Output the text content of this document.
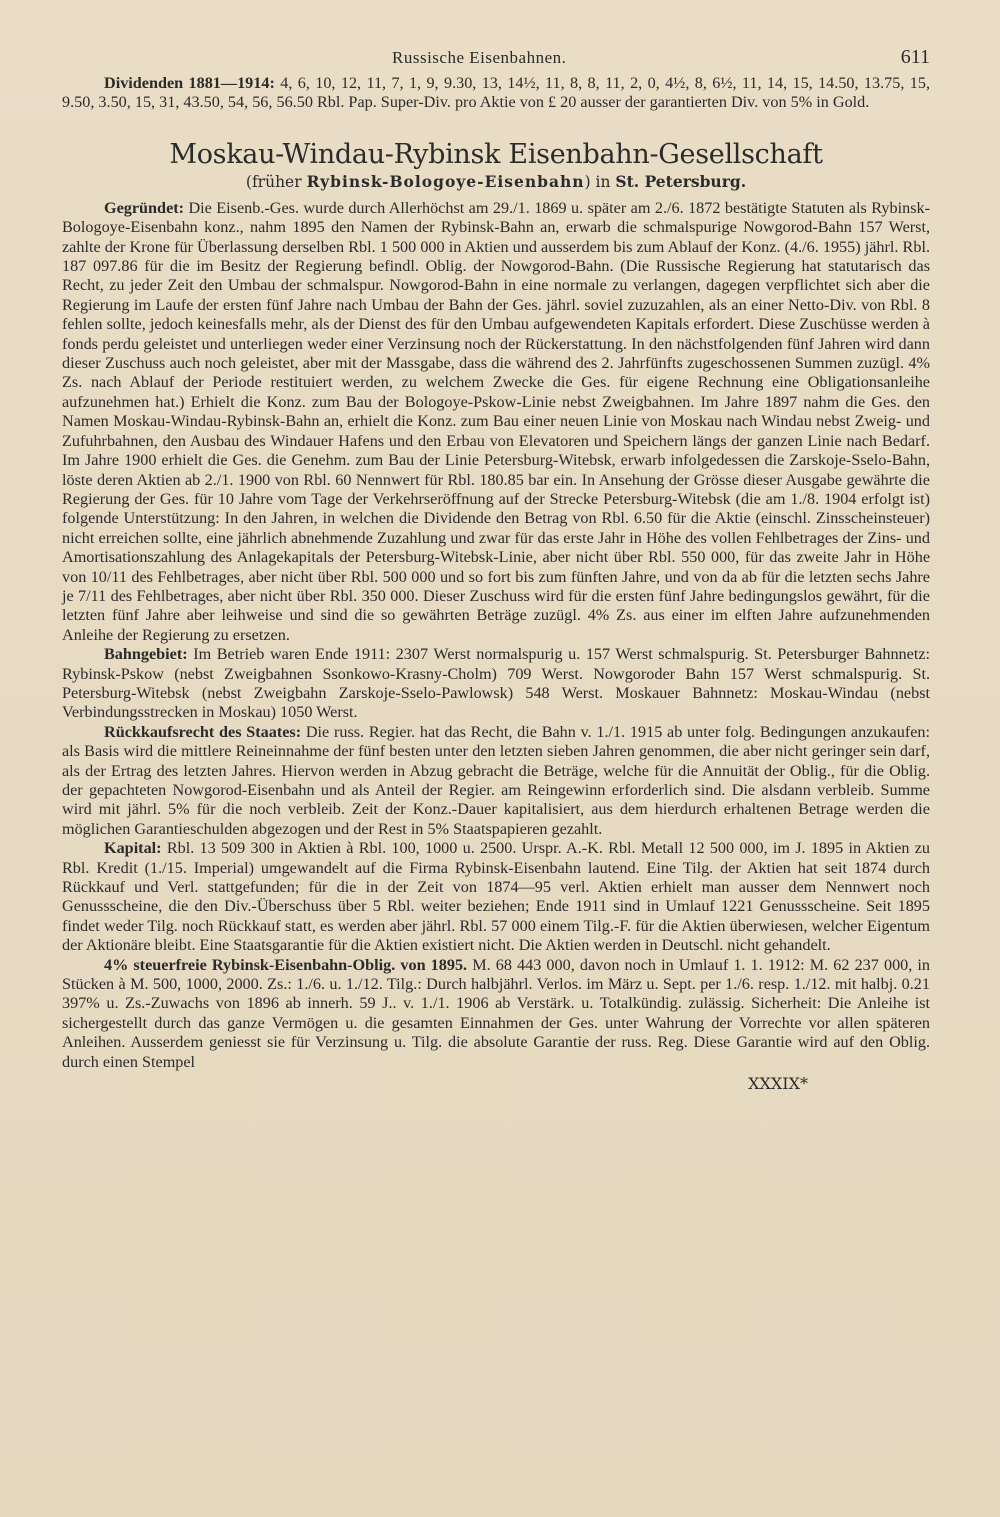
Russische Eisenbahnen.	611

Dividenden 1881—1914: 4, 6, 10, 12, 11, 7, 1, 9, 9.30, 13, 14½, 11, 8, 8, 11, 2, 0, 4½, 8, 6½, 11, 14, 15, 14.50, 13.75, 15, 9.50, 3.50, 15, 31, 43.50, 54, 56, 56.50 Rbl. Pap. Super-Div. pro Aktie von £ 20 ausser der garantierten Div. von 5% in Gold.

Moskau-Windau-Rybinsk Eisenbahn-Gesellschaft
(früher Rybinsk-Bologoye-Eisenbahn) in St. Petersburg.

Gegründet: Die Eisenb.-Ges. wurde durch Allerhöchst am 29./1. 1869 u. später am 2./6. 1872 bestätigte Statuten als Rybinsk-Bologoye-Eisenbahn konz., nahm 1895 den Namen der Rybinsk-Bahn an, erwarb die schmalspurige Nowgorod-Bahn 157 Werst, zahlte der Krone für Überlassung derselben Rbl. 1 500 000 in Aktien und ausserdem bis zum Ablauf der Konz. (4./6. 1955) jährl. Rbl. 187 097.86 für die im Besitz der Regierung befindl. Oblig. der Nowgorod-Bahn. (Die Russische Regierung hat statutarisch das Recht, zu jeder Zeit den Umbau der schmalspur. Nowgorod-Bahn in eine normale zu verlangen, dagegen verpflichtet sich aber die Regierung im Laufe der ersten fünf Jahre nach Umbau der Bahn der Ges. jährl. soviel zuzuzahlen, als an einer Netto-Div. von Rbl. 8 fehlen sollte, jedoch keinesfalls mehr, als der Dienst des für den Umbau aufgewendeten Kapitals erfordert. Diese Zuschüsse werden à fonds perdu geleistet und unterliegen weder einer Verzinsung noch der Rückerstattung. In den nächstfolgenden fünf Jahren wird dann dieser Zuschuss auch noch geleistet, aber mit der Massgabe, dass die während des 2. Jahrfünfts zugeschossenen Summen zuzügl. 4% Zs. nach Ablauf der Periode restituiert werden, zu welchem Zwecke die Ges. für eigene Rechnung eine Obligationsanleihe aufzunehmen hat.) Erhielt die Konz. zum Bau der Bologoye-Pskow-Linie nebst Zweigbahnen. Im Jahre 1897 nahm die Ges. den Namen Moskau-Windau-Rybinsk-Bahn an, erhielt die Konz. zum Bau einer neuen Linie von Moskau nach Windau nebst Zweig- und Zufuhrbahnen, den Ausbau des Windauer Hafens und den Erbau von Elevatoren und Speichern längs der ganzen Linie nach Bedarf. Im Jahre 1900 erhielt die Ges. die Genehm. zum Bau der Linie Petersburg-Witebsk, erwarb infolgedessen die Zarskoje-Sselo-Bahn, löste deren Aktien ab 2./1. 1900 von Rbl. 60 Nennwert für Rbl. 180.85 bar ein. In Ansehung der Grösse dieser Ausgabe gewährte die Regierung der Ges. für 10 Jahre vom Tage der Verkehrseröffnung auf der Strecke Petersburg-Witebsk (die am 1./8. 1904 erfolgt ist) folgende Unterstützung: In den Jahren, in welchen die Dividende den Betrag von Rbl. 6.50 für die Aktie (einschl. Zinsscheinsteuer) nicht erreichen sollte, eine jährlich abnehmende Zuzahlung und zwar für das erste Jahr in Höhe des vollen Fehlbetrages der Zins- und Amortisationszahlung des Anlagekapitals der Petersburg-Witebsk-Linie, aber nicht über Rbl. 550 000, für das zweite Jahr in Höhe von 10/11 des Fehlbetrages, aber nicht über Rbl. 500 000 und so fort bis zum fünften Jahre, und von da ab für die letzten sechs Jahre je 7/11 des Fehlbetrages, aber nicht über Rbl. 350 000. Dieser Zuschuss wird für die ersten fünf Jahre bedingungslos gewährt, für die letzten fünf Jahre aber leihweise und sind die so gewährten Beträge zuzügl. 4% Zs. aus einer im elften Jahre aufzunehmenden Anleihe der Regierung zu ersetzen.

Bahngebiet: Im Betrieb waren Ende 1911: 2307 Werst normalspurig u. 157 Werst schmalspurig. St. Petersburger Bahnnetz: Rybinsk-Pskow (nebst Zweigbahnen Ssonkowo-Krasny-Cholm) 709 Werst. Nowgoroder Bahn 157 Werst schmalspurig. St. Petersburg-Witebsk (nebst Zweigbahn Zarskoje-Sselo-Pawlowsk) 548 Werst. Moskauer Bahnnetz: Moskau-Windau (nebst Verbindungsstrecken in Moskau) 1050 Werst.

Rückkaufsrecht des Staates: Die russ. Regier. hat das Recht, die Bahn v. 1./1. 1915 ab unter folg. Bedingungen anzukaufen: als Basis wird die mittlere Reineinnahme der fünf besten unter den letzten sieben Jahren genommen, die aber nicht geringer sein darf, als der Ertrag des letzten Jahres. Hiervon werden in Abzug gebracht die Beträge, welche für die Annuität der Oblig., für die Oblig. der gepachteten Nowgorod-Eisenbahn und als Anteil der Regier. am Reingewinn erforderlich sind. Die alsdann verbleib. Summe wird mit jährl. 5% für die noch verbleib. Zeit der Konz.-Dauer kapitalisiert, aus dem hierdurch erhaltenen Betrage werden die möglichen Garantieschulden abgezogen und der Rest in 5% Staatspapieren gezahlt.

Kapital: Rbl. 13 509 300 in Aktien à Rbl. 100, 1000 u. 2500. Urspr. A.-K. Rbl. Metall 12 500 000, im J. 1895 in Aktien zu Rbl. Kredit (1./15. Imperial) umgewandelt auf die Firma Rybinsk-Eisenbahn lautend. Eine Tilg. der Aktien hat seit 1874 durch Rückkauf und Verl. stattgefunden; für die in der Zeit von 1874—95 verl. Aktien erhielt man ausser dem Nennwert noch Genussscheine, die den Div.-Überschuss über 5 Rbl. weiter beziehen; Ende 1911 sind in Umlauf 1221 Genussscheine. Seit 1895 findet weder Tilg. noch Rückkauf statt, es werden aber jährl. Rbl. 57 000 einem Tilg.-F. für die Aktien überwiesen, welcher Eigentum der Aktionäre bleibt. Eine Staatsgarantie für die Aktien existiert nicht. Die Aktien werden in Deutschl. nicht gehandelt.

4% steuerfreie Rybinsk-Eisenbahn-Oblig. von 1895. M. 68 443 000, davon noch in Umlauf 1. 1. 1912: M. 62 237 000, in Stücken à M. 500, 1000, 2000. Zs.: 1./6. u. 1./12. Tilg.: Durch halbjährl. Verlos. im März u. Sept. per 1./6. resp. 1./12. mit halbj. 0.21 397% u. Zs.-Zuwachs von 1896 ab innerh. 59 J.. v. 1./1. 1906 ab Verstärk. u. Totalkündig. zulässig. Sicherheit: Die Anleihe ist sichergestellt durch das ganze Vermögen u. die gesamten Einnahmen der Ges. unter Wahrung der Vorrechte vor allen späteren Anleihen. Ausserdem geniesst sie für Verzinsung u. Tilg. die absolute Garantie der russ. Reg. Diese Garantie wird auf den Oblig. durch einen Stempel

XXXIX*
